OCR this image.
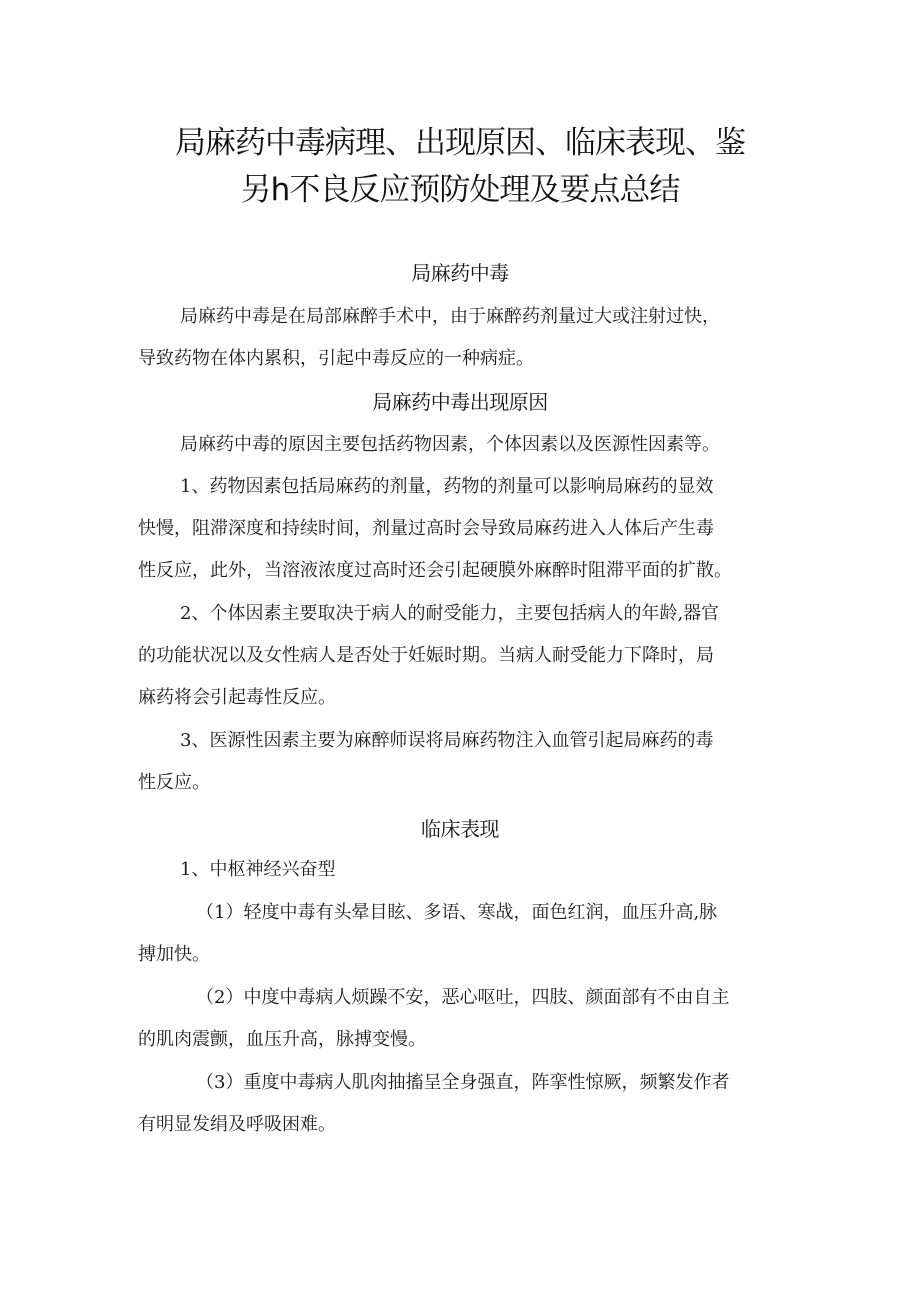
局麻药中毒病理、出现原因、临床表现、鉴
另h不良反应预防处理及要点总结
局麻药中毒
局麻药中毒是在局部麻醉手术中，由于麻醉药剂量过大或注射过快，
导致药物在体内累积，引起中毒反应的一种病症。
局麻药中毒出现原因
局麻药中毒的原因主要包括药物因素，个体因素以及医源性因素等。
1、药物因素包括局麻药的剂量，药物的剂量可以影响局麻药的显效
快慢，阻滞深度和持续时间，剂量过高时会导致局麻药进入人体后产生毒
性反应，此外，当溶液浓度过高时还会引起硬膜外麻醉时阻滞平面的扩散。
2、个体因素主要取决于病人的耐受能力，主要包括病人的年龄,器官
的功能状况以及女性病人是否处于妊娠时期。当病人耐受能力下降时，局
麻药将会引起毒性反应。
3、医源性因素主要为麻醉师误将局麻药物注入血管引起局麻药的毒
性反应。
临床表现
1、中枢神经兴奋型
（1）轻度中毒有头晕目眩、多语、寒战，面色红润，血压升高,脉
搏加快。
（2）中度中毒病人烦躁不安，恶心呕吐，四肢、颜面部有不由自主
的肌肉震颤，血压升高，脉搏变慢。
（3）重度中毒病人肌肉抽搐呈全身强直，阵挛性惊厥，频繁发作者
有明显发绢及呼吸困难。
